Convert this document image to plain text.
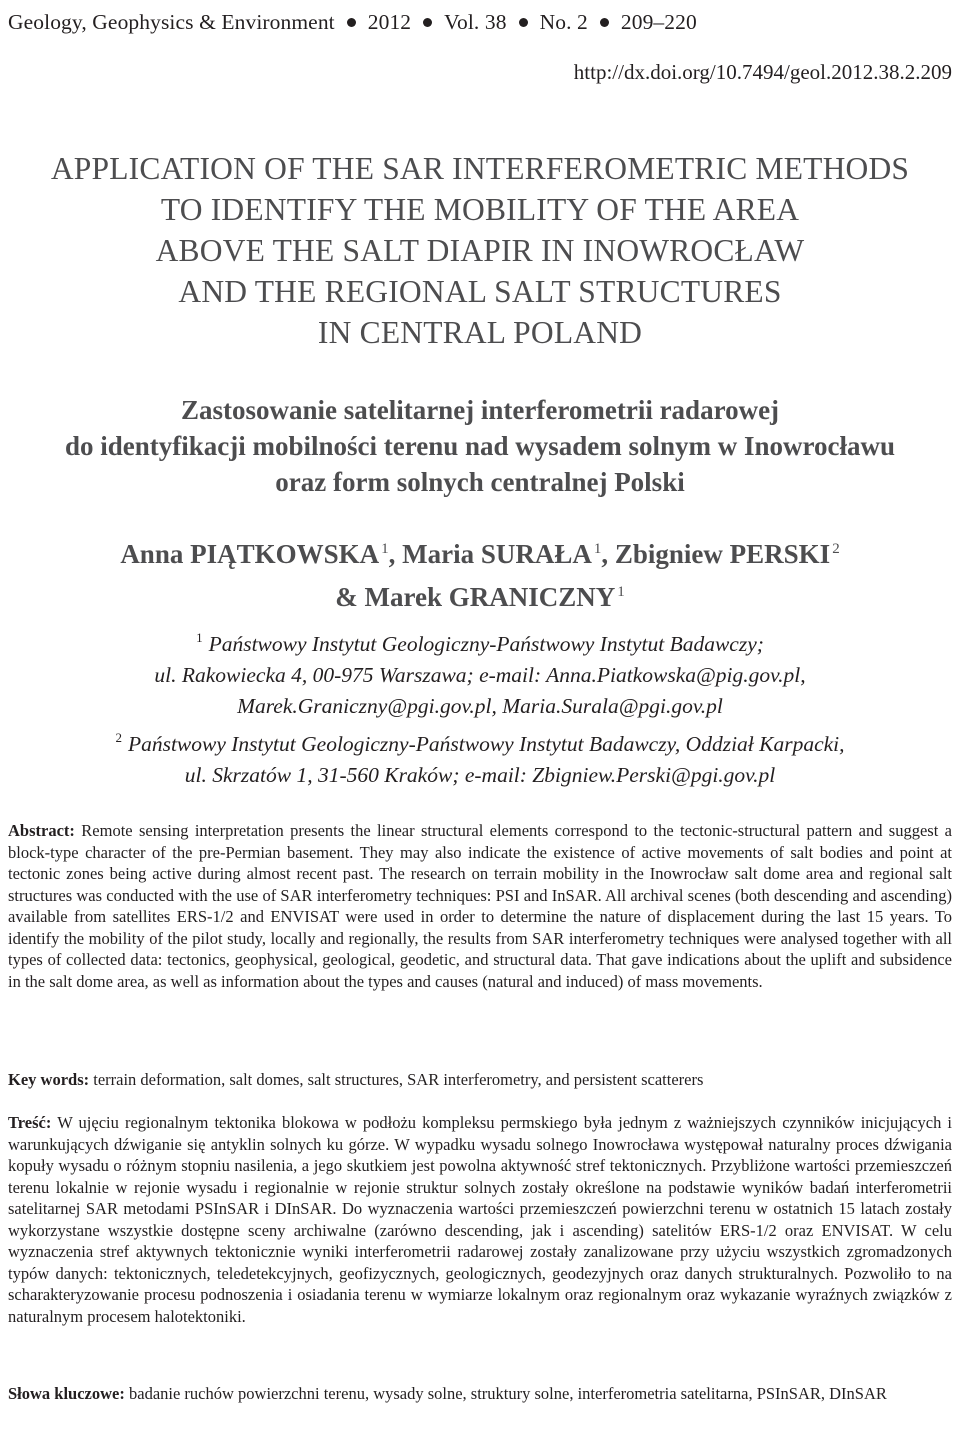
Geology, Geophysics & Environment 2012 Vol. 38 No. 2 209–220
http://dx.doi.org/10.7494/geol.2012.38.2.209
APPLICATION OF THE SAR INTERFEROMETRIC METHODS
TO IDENTIFY THE MOBILITY OF THE AREA
ABOVE THE SALT DIAPIR IN INOWROCŁAW
AND THE REGIONAL SALT STRUCTURES
IN CENTRAL POLAND
Zastosowanie satelitarnej interferometrii radarowej
do identyfikacji mobilności terenu nad wysadem solnym w Inowrocławu
oraz form solnych centralnej Polski
Anna PIĄTKOWSKA $^1$, Maria SURAŁA $^1$, Zbigniew PERSKI $^2$
& Marek GRANICZNY $^1$
$^1$ Państwowy Instytut Geologiczny-Państwowy Instytut Badawczy;
ul. Rakowiecka 4, 00-975 Warszawa; e-mail: Anna.Piatkowska@pig.gov.pl,
Marek.Graniczny@pgi.gov.pl, Maria.Surala@pgi.gov.pl
$^2$ Państwowy Instytut Geologiczny-Państwowy Instytut Badawczy, Oddział Karpacki,
ul. Skrzatów 1, 31-560 Kraków; e-mail: Zbigniew.Perski@pgi.gov.pl
Abstract: Remote sensing interpretation presents the linear structural elements correspond to the tectonic-structural pattern and suggest a block-type character of the pre-Permian basement. They may also indicate the existence of active movements of salt bodies and point at tectonic zones being active during almost recent past. The research on terrain mobility in the Inowrocław salt dome area and regional salt structures was conducted with the use of SAR interferometry techniques: PSI and InSAR. All archival scenes (both descending and ascending) available from satellites ERS-1/2 and ENVISAT were used in order to determine the nature of displacement during the last 15 years. To identify the mobility of the pilot study, locally and regionally, the results from SAR interferometry techniques were analysed together with all types of collected data: tectonics, geophysical, geological, geodetic, and structural data. That gave indications about the uplift and subsidence in the salt dome area, as well as information about the types and causes (natural and induced) of mass movements.
Key words: terrain deformation, salt domes, salt structures, SAR interferometry, and persistent scatterers
Treść: W ujęciu regionalnym tektonika blokowa w podłożu kompleksu permskiego była jednym z ważniejszych czynników inicjujących i warunkujących dźwiganie się antyklin solnych ku górze. W wypadku wysadu solnego Inowrocława występował naturalny proces dźwigania kopuły wysadu o różnym stopniu nasilenia, a jego skutkiem jest powolna aktywność stref tektonicznych. Przybliżone wartości przemieszczeń terenu lokalnie w rejonie wysadu i regionalnie w rejonie struktur solnych zostały określone na podstawie wyników badań interferometrii satelitarnej SAR metodami PSInSAR i DInSAR. Do wyznaczenia wartości przemieszczeń powierzchni terenu w ostatnich 15 latach zostały wykorzystane wszystkie dostępne sceny archiwalne (zarówno descending, jak i ascending) satelitów ERS-1/2 oraz ENVISAT. W celu wyznaczenia stref aktywnych tektonicznie wyniki interferometrii radarowej zostały zanalizowane przy użyciu wszystkich zgromadzonych typów danych: tektonicznych, teledetekcyjnych, geofizycznych, geologicznych, geodezyjnych oraz danych strukturalnych. Pozwoliło to na scharakteryzowanie procesu podnoszenia i osiadania terenu w wymiarze lokalnym oraz regionalnym oraz wykazanie wyraźnych związków z naturalnym procesem halotektoniki.
Słowa kluczowe: badanie ruchów powierzchni terenu, wysady solne, struktury solne, interferometria satelitarna, PSInSAR, DInSAR
